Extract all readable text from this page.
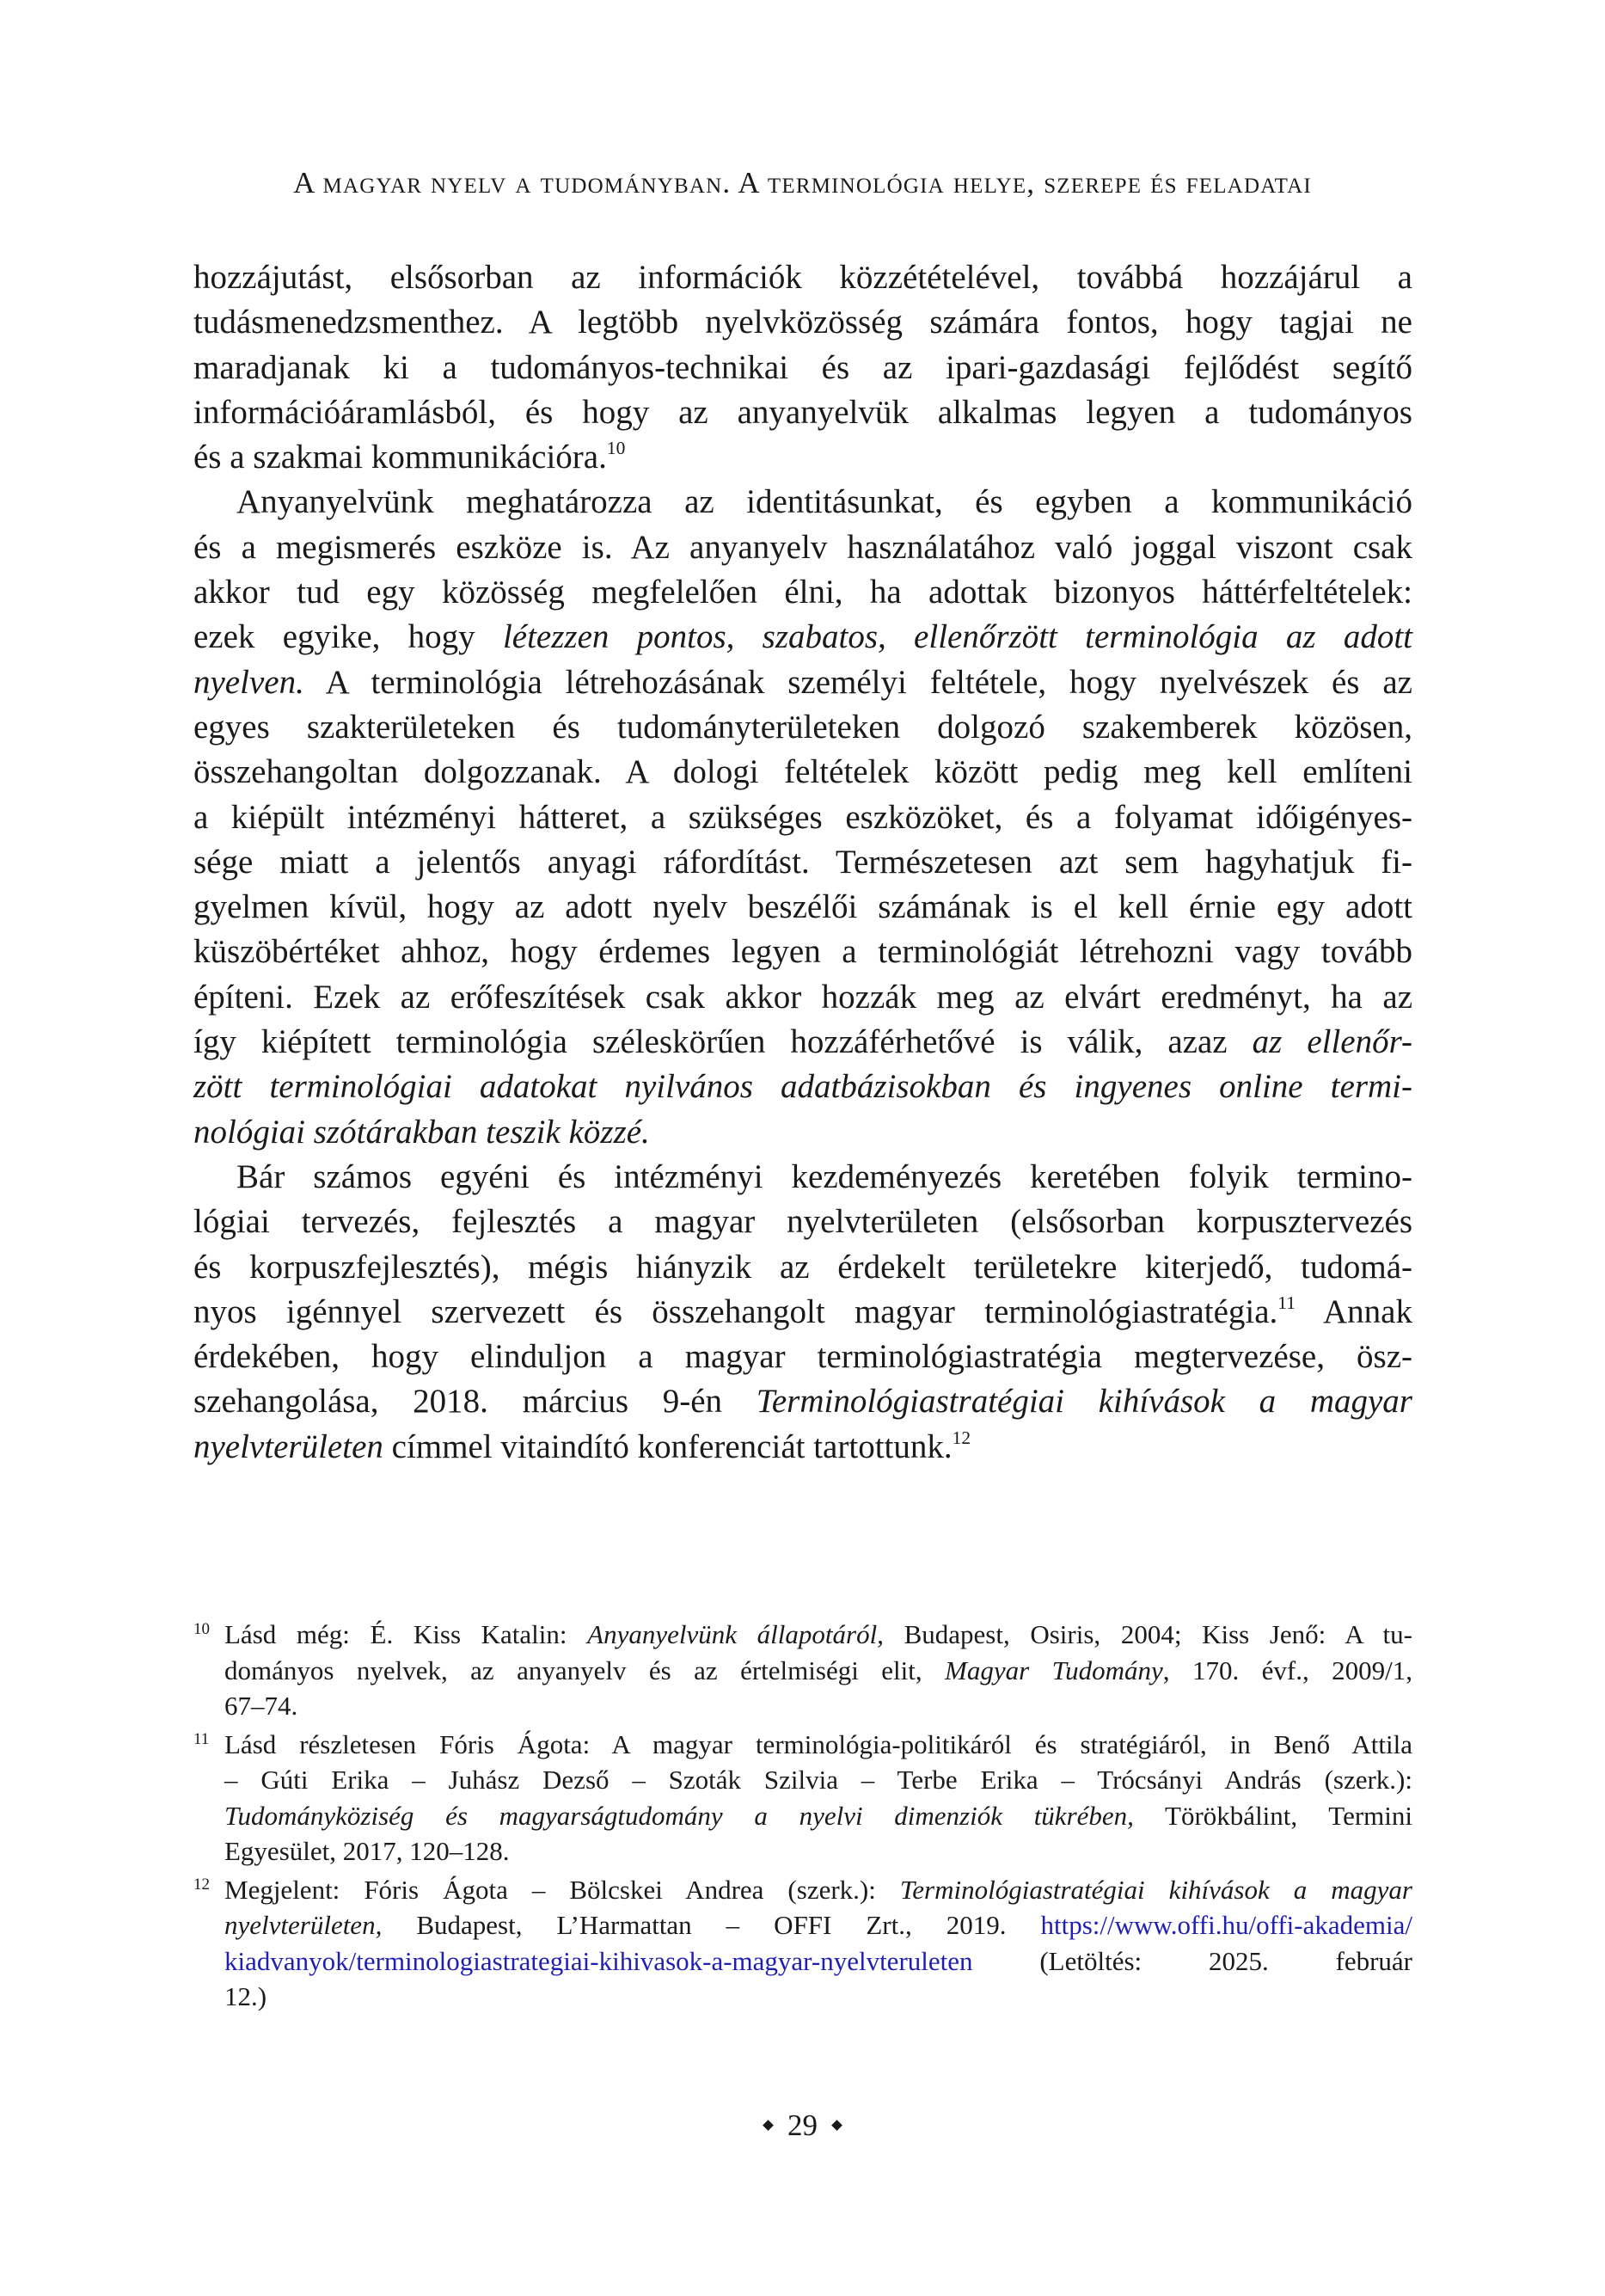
A magyar nyelv a tudományban. A terminológia helye, szerepe és feladatai

hozzájutást, elsősorban az információk közzétételével, továbbá hozzájárul a
tudásmenedzsmenthez. A legtöbb nyelvközösség számára fontos, hogy tagjai ne
maradjanak ki a tudományos-technikai és az ipari-gazdasági fejlődést segítő
információáramlásból, és hogy az anyanyelvük alkalmas legyen a tudományos
és a szakmai kommunikációra.$^{10}$

Anyanyelvünk meghatározza az identitásunkat, és egyben a kommunikáció
és a megismerés eszköze is. Az anyanyelv használatához való joggal viszont csak
akkor tud egy közösség megfelelően élni, ha adottak bizonyos háttérfeltételek:
ezek egyike, hogy létezzen pontos, szabatos, ellenőrzött terminológia az adott
nyelven. A terminológia létrehozásának személyi feltétele, hogy nyelvészek és az
egyes szakterületeken és tudományterületeken dolgozó szakemberek közösen,
összehangoltan dolgozzanak. A dologi feltételek között pedig meg kell említeni
a kiépült intézményi hátteret, a szükséges eszközöket, és a folyamat időigényes-
sége miatt a jelentős anyagi ráfordítást. Természetesen azt sem hagyhatjuk fi-
gyelmen kívül, hogy az adott nyelv beszélői számának is el kell érnie egy adott
küszöbértéket ahhoz, hogy érdemes legyen a terminológiát létrehozni vagy tovább
építeni. Ezek az erőfeszítések csak akkor hozzák meg az elvárt eredményt, ha az
így kiépített terminológia széleskörűen hozzáférhetővé is válik, azaz az ellenőr-
zött terminológiai adatokat nyilvános adatbázisokban és ingyenes online termi-
nológiai szótárakban teszik közzé.

Bár számos egyéni és intézményi kezdeményezés keretében folyik termino-
lógiai tervezés, fejlesztés a magyar nyelvterületen (elsősorban korpusztervezés
és korpuszfejlesztés), mégis hiányzik az érdekelt területekre kiterjedő, tudomá-
nyos igénnyel szervezett és összehangolt magyar terminológiastratégia.$^{11}$ Annak
érdekében, hogy elinduljon a magyar terminológiastratégia megtervezése, ösz-
szehangolása, 2018. március 9-én Terminológiastratégiai kihívások a magyar
nyelvterületen címmel vitaindító konferenciát tartottunk.$^{12}$

10 Lásd még: É. Kiss Katalin: Anyanyelvünk állapotáról, Budapest, Osiris, 2004; Kiss Jenő: A tu-
dományos nyelvek, az anyanyelv és az értelmiségi elit, Magyar Tudomány, 170. évf., 2009/1,
67–74.
11 Lásd részletesen Fóris Ágota: A magyar terminológia-politikáról és stratégiáról, in Benő Attila
– Gúti Erika – Juhász Dezső – Szoták Szilvia – Terbe Erika – Trócsányi András (szerk.):
Tudományköziség és magyarságtudomány a nyelvi dimenziók tükrében, Törökbálint, Termini
Egyesület, 2017, 120–128.
12 Megjelent: Fóris Ágota – Bölcskei Andrea (szerk.): Terminológiastratégiai kihívások a magyar
nyelvterületen, Budapest, L’Harmattan – OFFI Zrt., 2019. https://www.offi.hu/offi-akademia/
kiadvanyok/terminologiastrategiai-kihivasok-a-magyar-nyelvteruleten (Letöltés: 2025. február
12.)
29
